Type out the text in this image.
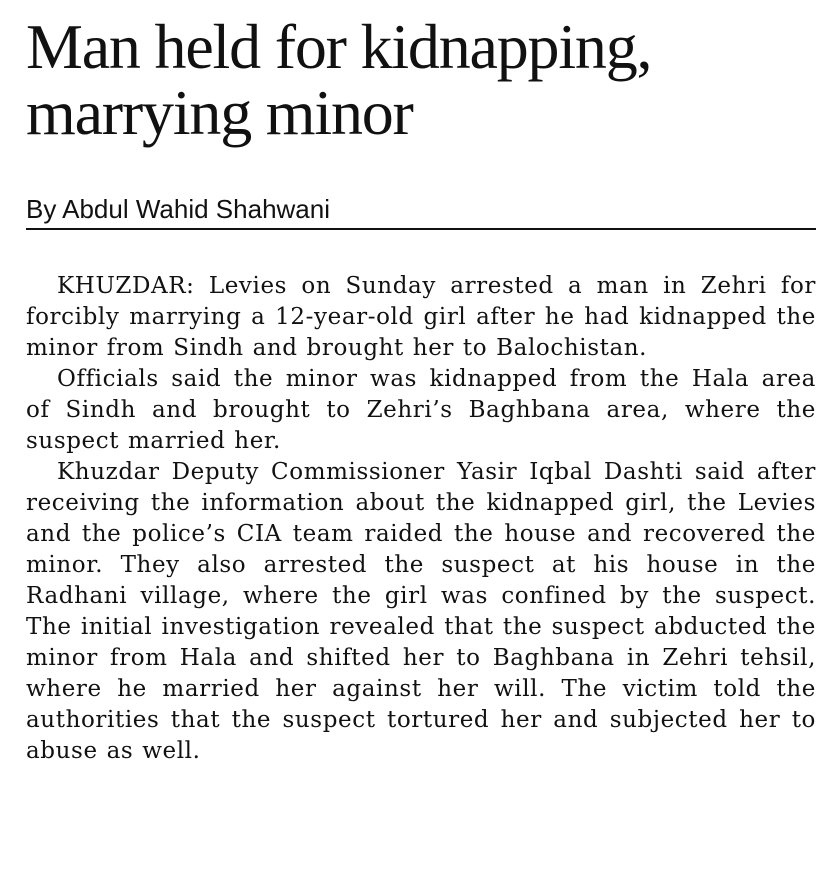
Man held for kidnapping, marrying minor
By Abdul Wahid Shahwani

KHUZDAR: Levies on Sunday arrested a man in Zehri for forcibly marrying a 12-year-old girl after he had kidnapped the minor from Sindh and brought her to Balochistan.

Officials said the minor was kidnapped from the Hala area of Sindh and brought to Zehri’s Baghbana area, where the suspect married her.

Khuzdar Deputy Commissioner Yasir Iqbal Dashti said after receiving the information about the kidnapped girl, the Levies and the police’s CIA team raided the house and recovered the minor. They also arrested the suspect at his house in the Radhani village, where the girl was confined by the suspect. The initial investigation revealed that the suspect abducted the minor from Hala and shifted her to Baghbana in Zehri tehsil, where he married her against her will. The victim told the authorities that the suspect tortured her and subjected her to abuse as well.
